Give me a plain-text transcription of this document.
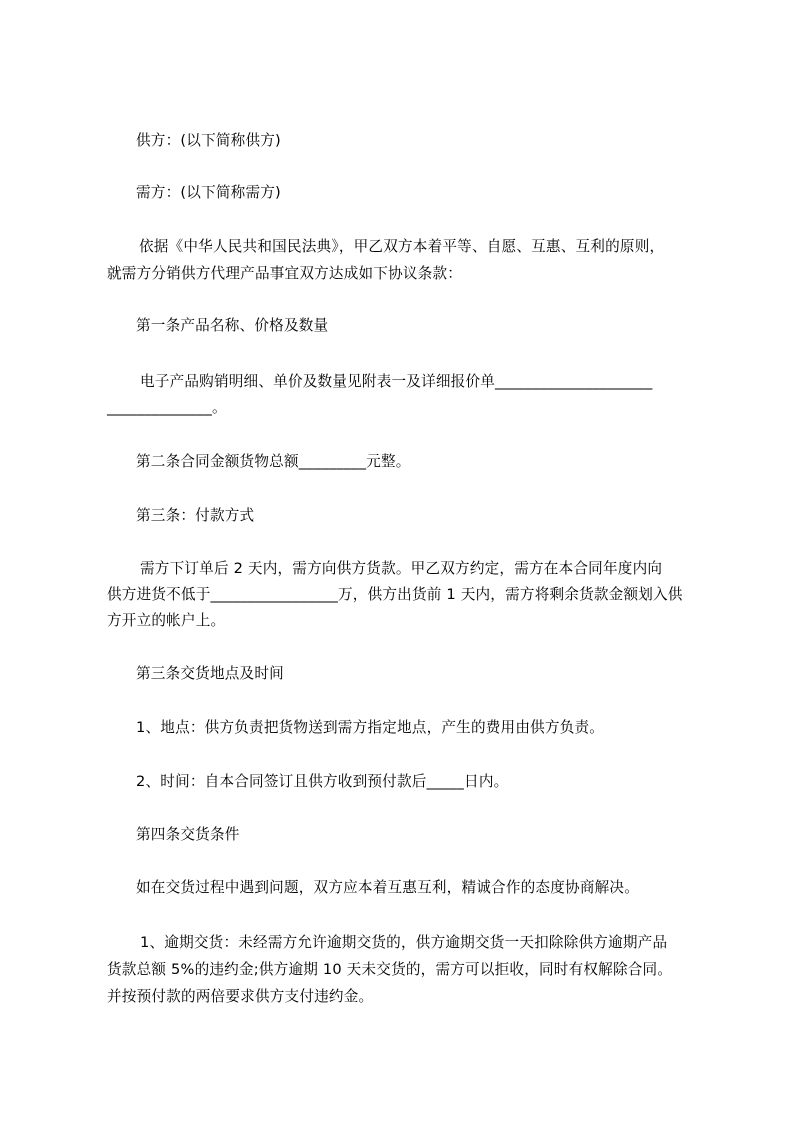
供方：(以下简称供方)
需方：(以下简称需方)
依据《中华人民共和国民法典》，甲乙双方本着平等、自愿、互惠、互利的原则，
就需方分销供方代理产品事宜双方达成如下协议条款：
第一条产品名称、价格及数量
电子产品购销明细、单价及数量见附表一及详细报价单_____________________
______________。
第二条合同金额货物总额_________元整。
第三条：付款方式
需方下订单后 2 天内，需方向供方货款。甲乙双方约定，需方在本合同年度内向
供方进货不低于_________________万，供方出货前 1 天内，需方将剩余货款金额划入供
方开立的帐户上。
第三条交货地点及时间
1、地点：供方负责把货物送到需方指定地点，产生的费用由供方负责。
2、时间：自本合同签订且供方收到预付款后_____日内。
第四条交货条件
如在交货过程中遇到问题，双方应本着互惠互利，精诚合作的态度协商解决。
1、逾期交货：未经需方允许逾期交货的，供方逾期交货一天扣除除供方逾期产品
货款总额 5%的违约金;供方逾期 10 天未交货的，需方可以拒收，同时有权解除合同。
并按预付款的两倍要求供方支付违约金。
